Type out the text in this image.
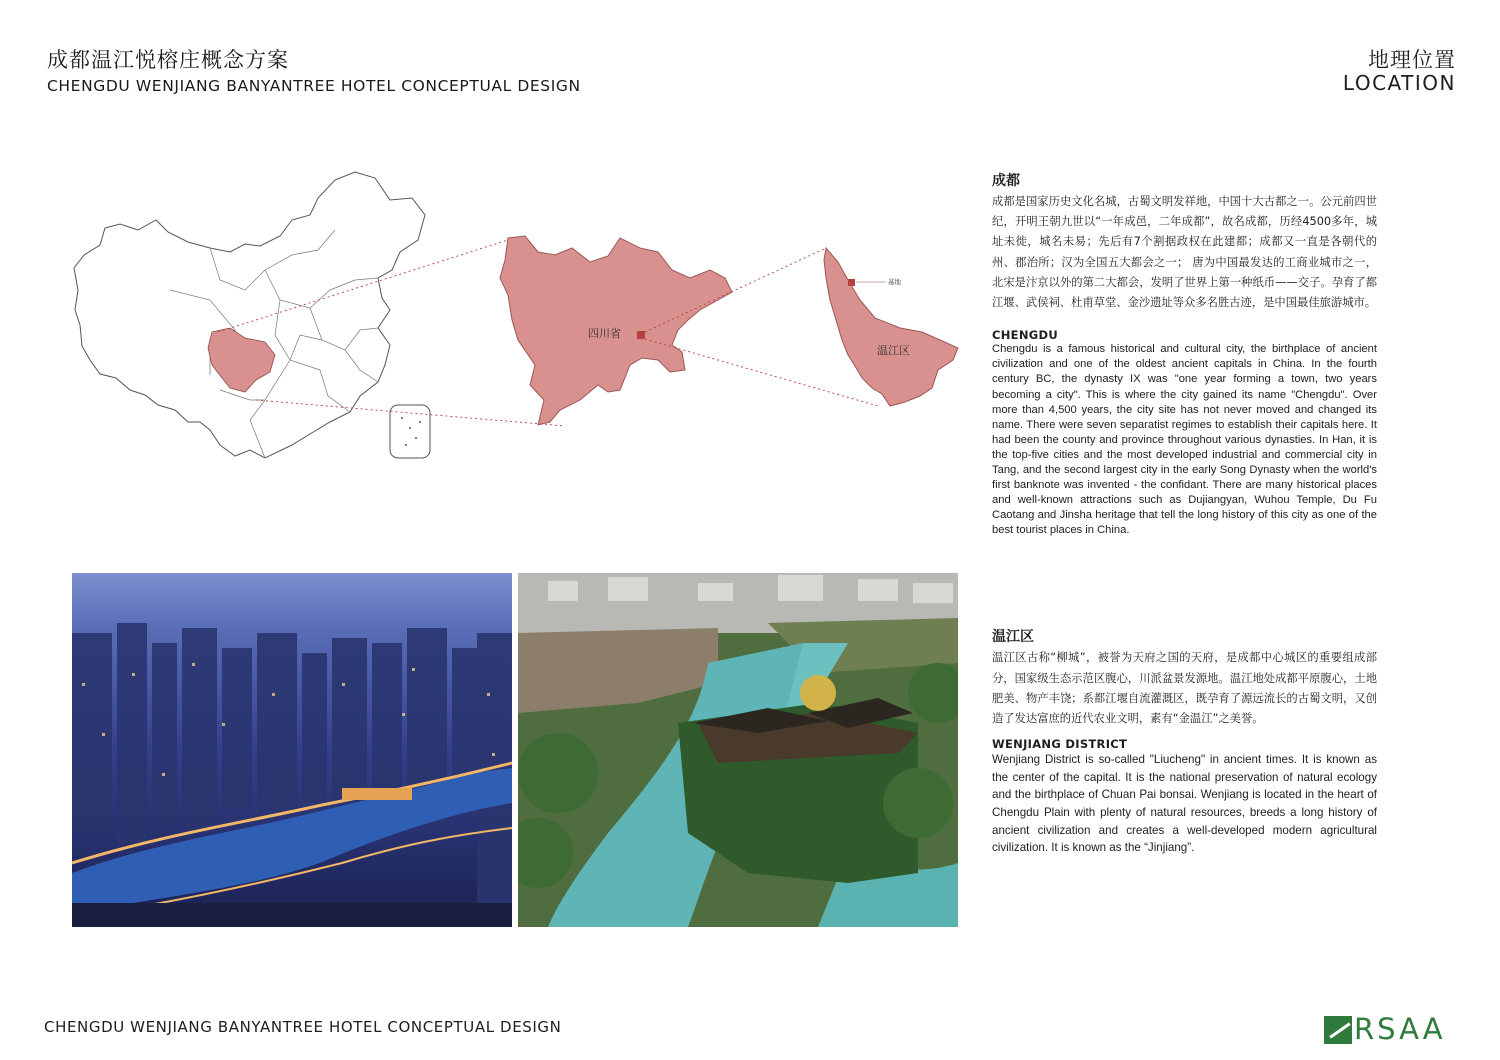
成都温江悦榕庄概念方案
CHENGDU WENJIANG BANYANTREE HOTEL CONCEPTUAL DESIGN
地理位置
LOCATION
四川省
基地
温江区

成都

成都是国家历史文化名城，古蜀文明发祥地，中国十大古都之一。公元前四世纪，开明王朝九世以“一年成邑，二年成都”，故名成都，历经4500多年，城址未徙，城名未易；先后有7个割据政权在此建都；成都又一直是各朝代的州、郡治所；汉为全国五大都会之一； 唐为中国最发达的工商业城市之一，北宋是汴京以外的第二大都会，发明了世界上第一种纸币——交子。孕育了都江堰、武侯祠、杜甫草堂、金沙遗址等众多名胜古迹，是中国最佳旅游城市。

CHENGDU

Chengdu is a famous historical and cultural city, the birthplace of ancient civilization and one of the oldest ancient capitals in China. In the fourth century BC, the dynasty IX was "one year forming a town, two years becoming a city". This is where the city gained its name "Chengdu". Over more than 4,500 years, the city site has not never moved and changed its name. There were seven separatist regimes to establish their capitals here. It had been the county and province throughout various dynasties. In Han, it is the top-five cities and the most developed industrial and commercial city in Tang, and the second largest city in the early Song Dynasty when the world's first banknote was invented - the confidant. There are many historical places and well-known attractions such as Dujiangyan, Wuhou Temple, Du Fu Caotang and Jinsha heritage that tell the long history of this city as one of the best tourist places in China.

温江区

温江区古称“柳城”，被誉为天府之国的天府，是成都中心城区的重要组成部分，国家级生态示范区腹心，川派盆景发源地。温江地处成都平原腹心，土地肥美、物产丰饶；系都江堰自流灌溉区，既孕育了源远流长的古蜀文明，又创造了发达富庶的近代农业文明，素有“金温江”之美誉。

WENJIANG DISTRICT

Wenjiang District is so-called "Liucheng" in ancient times. It is known as the center of the capital. It is the national preservation of natural ecology and the birthplace of Chuan Pai bonsai. Wenjiang is located in the heart of Chengdu Plain with plenty of natural resources, breeds a long history of ancient civilization and creates a well-developed modern agricultural civilization. It is known as the “Jinjiang”.

CHENGDU WENJIANG BANYANTREE HOTEL CONCEPTUAL DESIGN	RSAA
